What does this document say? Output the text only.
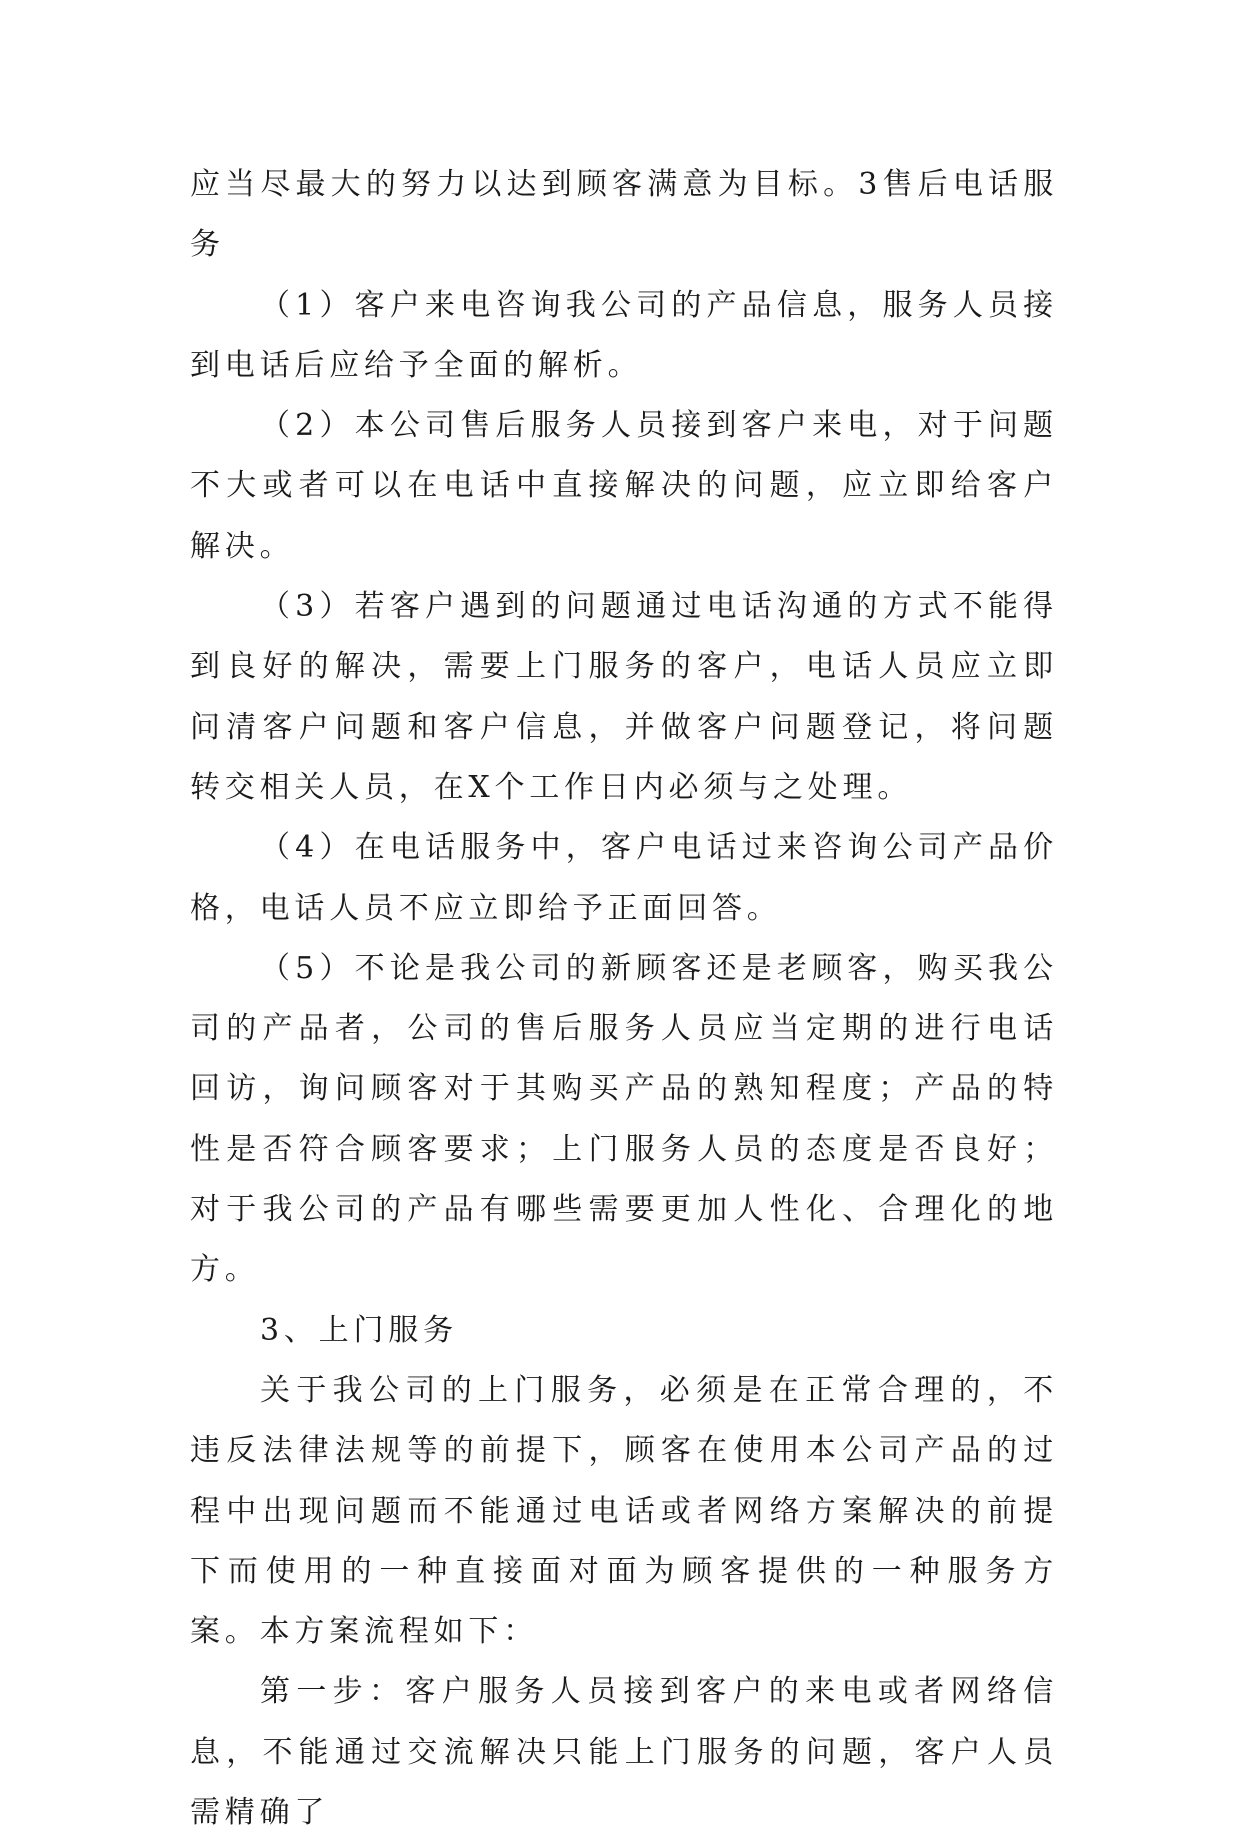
应当尽最大的努力以达到顾客满意为目标。3售后电话服务

（1）客户来电咨询我公司的产品信息，服务人员接到电话后应给予全面的解析。

（2）本公司售后服务人员接到客户来电，对于问题不大或者可以在电话中直接解决的问题，应立即给客户解决。

（3）若客户遇到的问题通过电话沟通的方式不能得到良好的解决，需要上门服务的客户，电话人员应立即问清客户问题和客户信息，并做客户问题登记，将问题转交相关人员，在X个工作日内必须与之处理。

（4）在电话服务中，客户电话过来咨询公司产品价格，电话人员不应立即给予正面回答。

（5）不论是我公司的新顾客还是老顾客，购买我公司的产品者，公司的售后服务人员应当定期的进行电话回访，询问顾客对于其购买产品的熟知程度；产品的特性是否符合顾客要求；上门服务人员的态度是否良好；对于我公司的产品有哪些需要更加人性化、合理化的地方。

3、上门服务

关于我公司的上门服务，必须是在正常合理的，不违反法律法规等的前提下，顾客在使用本公司产品的过程中出现问题而不能通过电话或者网络方案解决的前提下而使用的一种直接面对面为顾客提供的一种服务方案。本方案流程如下：

第一步：客户服务人员接到客户的来电或者网络信息，不能通过交流解决只能上门服务的问题，客户人员需精确了
